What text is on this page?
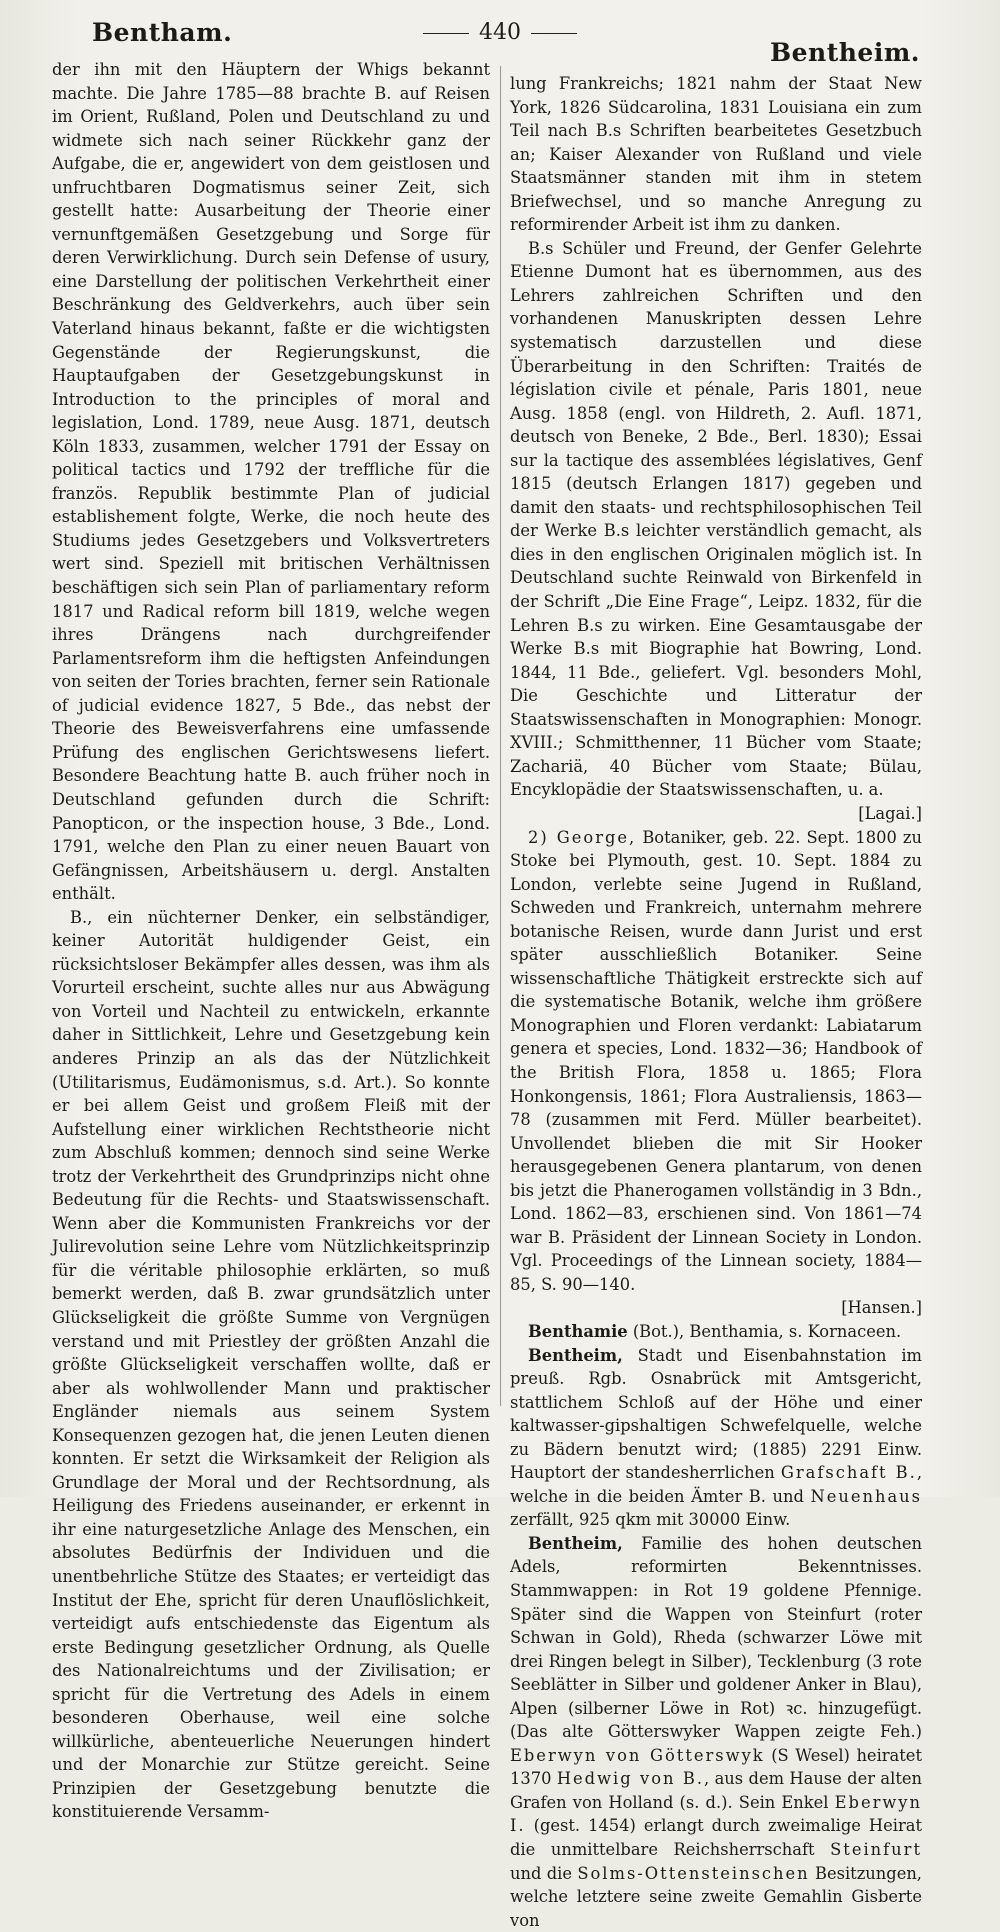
Bentham.	440
Bentheim.

der ihn mit den Häuptern der Whigs bekannt machte. Die Jahre 1785—88 brachte B. auf Reisen im Orient, Rußland, Polen und Deutschland zu und widmete sich nach seiner Rückkehr ganz der Aufgabe, die er, angewidert von dem geistlosen und unfruchtbaren Dogmatismus seiner Zeit, sich gestellt hatte: Ausarbeitung der Theorie einer vernunftgemäßen Gesetzgebung und Sorge für deren Verwirklichung. Durch sein Defense of usury, eine Darstellung der politischen Verkehrtheit einer Beschränkung des Geldverkehrs, auch über sein Vaterland hinaus bekannt, faßte er die wichtigsten Gegenstände der Regierungskunst, die Hauptaufgaben der Gesetzgebungskunst in Introduction to the principles of moral and legislation, Lond. 1789, neue Ausg. 1871, deutsch Köln 1833, zusammen, welcher 1791 der Essay on political tactics und 1792 der treffliche für die französ. Republik bestimmte Plan of judicial establishement folgte, Werke, die noch heute des Studiums jedes Gesetzgebers und Volksvertreters wert sind. Speziell mit britischen Verhältnissen beschäftigen sich sein Plan of parliamentary reform 1817 und Radical reform bill 1819, welche wegen ihres Drängens nach durchgreifender Parlamentsreform ihm die heftigsten Anfeindungen von seiten der Tories brachten, ferner sein Rationale of judicial evidence 1827, 5 Bde., das nebst der Theorie des Beweisverfahrens eine umfassende Prüfung des englischen Gerichtswesens liefert. Besondere Beachtung hatte B. auch früher noch in Deutschland gefunden durch die Schrift: Panopticon, or the inspection house, 3 Bde., Lond. 1791, welche den Plan zu einer neuen Bauart von Gefängnissen, Arbeitshäusern u. dergl. Anstalten enthält.

B., ein nüchterner Denker, ein selbständiger, keiner Autorität huldigender Geist, ein rücksichtsloser Bekämpfer alles dessen, was ihm als Vorurteil erscheint, suchte alles nur aus Abwägung von Vorteil und Nachteil zu entwickeln, erkannte daher in Sittlichkeit, Lehre und Gesetzgebung kein anderes Prinzip an als das der Nützlichkeit (Utilitarismus, Eudämonismus, s.d. Art.). So konnte er bei allem Geist und großem Fleiß mit der Aufstellung einer wirklichen Rechtstheorie nicht zum Abschluß kommen; dennoch sind seine Werke trotz der Verkehrtheit des Grundprinzips nicht ohne Bedeutung für die Rechts- und Staatswissenschaft. Wenn aber die Kommunisten Frankreichs vor der Julirevolution seine Lehre vom Nützlichkeitsprinzip für die véritable philosophie erklärten, so muß bemerkt werden, daß B. zwar grundsätzlich unter Glückseligkeit die größte Summe von Vergnügen verstand und mit Priestley der größten Anzahl die größte Glückseligkeit verschaffen wollte, daß er aber als wohlwollender Mann und praktischer Engländer niemals aus seinem System Konsequenzen gezogen hat, die jenen Leuten dienen konnten. Er setzt die Wirksamkeit der Religion als Grundlage der Moral und der Rechtsordnung, als Heiligung des Friedens auseinander, er erkennt in ihr eine naturgesetzliche Anlage des Menschen, ein absolutes Bedürfnis der Individuen und die unentbehrliche Stütze des Staates; er verteidigt das Institut der Ehe, spricht für deren Unauflöslichkeit, verteidigt aufs entschiedenste das Eigentum als erste Bedingung gesetzlicher Ordnung, als Quelle des Nationalreichtums und der Zivilisation; er spricht für die Vertretung des Adels in einem besonderen Oberhause, weil eine solche willkürliche, abenteuerliche Neuerungen hindert und der Monarchie zur Stütze gereicht. Seine Prinzipien der Gesetzgebung benutzte die konstituierende Versamm-

lung Frankreichs; 1821 nahm der Staat New York, 1826 Südcarolina, 1831 Louisiana ein zum Teil nach B.s Schriften bearbeitetes Gesetzbuch an; Kaiser Alexander von Rußland und viele Staatsmänner standen mit ihm in stetem Briefwechsel, und so manche Anregung zu reformirender Arbeit ist ihm zu danken.

B.s Schüler und Freund, der Genfer Gelehrte Etienne Dumont hat es übernommen, aus des Lehrers zahlreichen Schriften und den vorhandenen Manuskripten dessen Lehre systematisch darzustellen und diese Überarbeitung in den Schriften: Traités de législation civile et pénale, Paris 1801, neue Ausg. 1858 (engl. von Hildreth, 2. Aufl. 1871, deutsch von Beneke, 2 Bde., Berl. 1830); Essai sur la tactique des assemblées législatives, Genf 1815 (deutsch Erlangen 1817) gegeben und damit den staats- und rechtsphilosophischen Teil der Werke B.s leichter verständlich gemacht, als dies in den englischen Originalen möglich ist. In Deutschland suchte Reinwald von Birkenfeld in der Schrift „Die Eine Frage“, Leipz. 1832, für die Lehren B.s zu wirken. Eine Gesamtausgabe der Werke B.s mit Biographie hat Bowring, Lond. 1844, 11 Bde., geliefert. Vgl. besonders Mohl, Die Geschichte und Litteratur der Staatswissenschaften in Monographien: Monogr. XVIII.; Schmitthenner, 11 Bücher vom Staate; Zachariä, 40 Bücher vom Staate; Bülau, Encyklopädie der Staatswissenschaften, u. a.
[Lagai.]

2) George, Botaniker, geb. 22. Sept. 1800 zu Stoke bei Plymouth, gest. 10. Sept. 1884 zu London, verlebte seine Jugend in Rußland, Schweden und Frankreich, unternahm mehrere botanische Reisen, wurde dann Jurist und erst später ausschließlich Botaniker. Seine wissenschaftliche Thätigkeit erstreckte sich auf die systematische Botanik, welche ihm größere Monographien und Floren verdankt: Labiatarum genera et species, Lond. 1832—36; Handbook of the British Flora, 1858 u. 1865; Flora Honkongensis, 1861; Flora Australiensis, 1863—78 (zusammen mit Ferd. Müller bearbeitet). Unvollendet blieben die mit Sir Hooker herausgegebenen Genera plantarum, von denen bis jetzt die Phanerogamen vollständig in 3 Bdn., Lond. 1862—83, erschienen sind. Von 1861—74 war B. Präsident der Linnean Society in London. Vgl. Proceedings of the Linnean society, 1884—85, S. 90—140.
[Hansen.]

Benthamie (Bot.), Benthamia, s. Kornaceen.

Bentheim, Stadt und Eisenbahnstation im preuß. Rgb. Osnabrück mit Amtsgericht, stattlichem Schloß auf der Höhe und einer kaltwasser-gipshaltigen Schwefelquelle, welche zu Bädern benutzt wird; (1885) 2291 Einw. Hauptort der standesherrlichen Grafschaft B., welche in die beiden Ämter B. und Neuenhaus zerfällt, 925 qkm mit 30000 Einw.

Bentheim, Familie des hohen deutschen Adels, reformirten Bekenntnisses. Stammwappen: in Rot 19 goldene Pfennige. Später sind die Wappen von Steinfurt (roter Schwan in Gold), Rheda (schwarzer Löwe mit drei Ringen belegt in Silber), Tecklenburg (3 rote Seeblätter in Silber und goldener Anker in Blau), Alpen (silberner Löwe in Rot) ꝛc. hinzugefügt. (Das alte Götterswyker Wappen zeigte Feh.) Eberwyn von Götterswyk (S Wesel) heiratet 1370 Hedwig von B., aus dem Hause der alten Grafen von Holland (s. d.). Sein Enkel Eberwyn I. (gest. 1454) erlangt durch zweimalige Heirat die unmittelbare Reichsherrschaft Steinfurt und die Solms-Ottensteinschen Besitzungen, welche letztere seine zweite Gemahlin Gisberte von
